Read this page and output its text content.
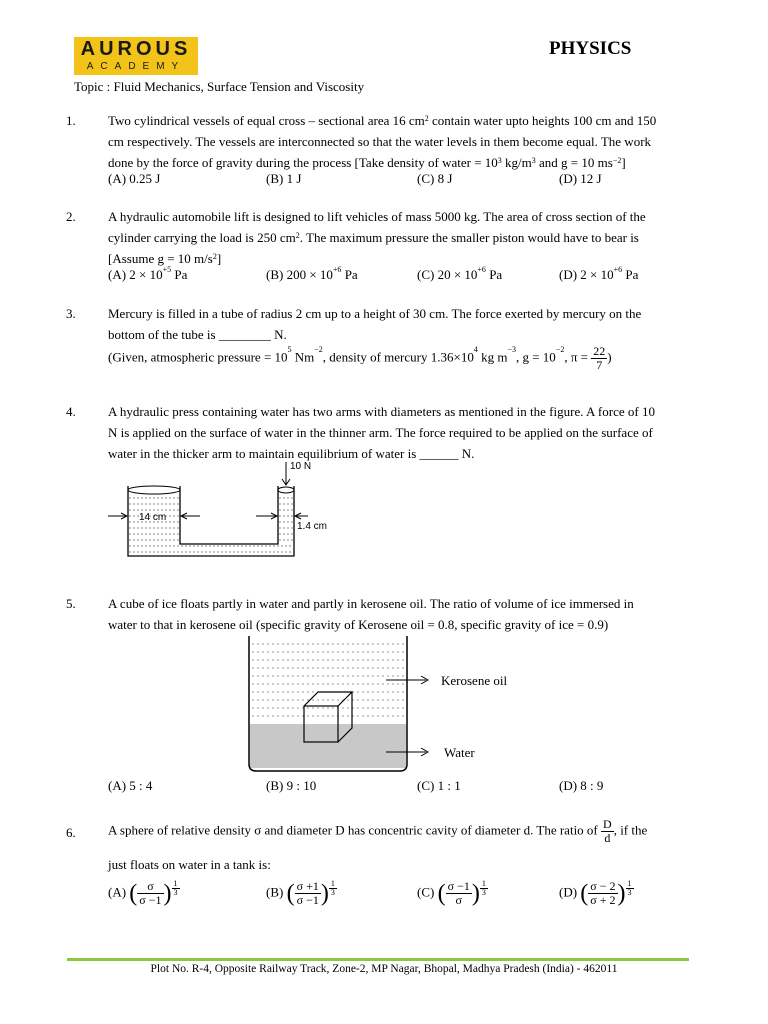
AUROUS
ACADEMY
PHYSICS
Topic : Fluid Mechanics, Surface Tension and Viscosity
1. Two cylindrical vessels of equal cross – sectional area 16 $cm^2$ contain water upto heights 100 cm and 150
cm respectively. The vessels are interconnected so that the water levels in them become equal. The work
done by the force of gravity during the process [Take density of water = $10^3$ $kg/m^3$ and g = 10 $ms^{-2}$]
(A) 0.25 J	(B) 1 J	(C) 8 J	(D) 12 J
2. A hydraulic automobile lift is designed to lift vehicles of mass 5000 kg. The area of cross section of the
cylinder carrying the load is 250 $cm^2$. The maximum pressure the smaller piston would have to bear is
[Assume g = 10 $m/s^2$]
(A) $2 \times 10^{+5}$ Pa	(B) $200 \times 10^{+6}$ Pa	(C) $20 \times 10^{+6}$ Pa	(D) $2 \times 10^{+6}$ Pa
3. Mercury is filled in a tube of radius 2 cm up to a height of 30 cm. The force exerted by mercury on the
bottom of the tube is ________ N.
(Given, atmospheric pressure = $10^5$ $Nm^{-2}$, density of mercury $1.36\times 10^4$ kg $m^{-3}$, $g = 10^{-2}$, $\pi = \frac{22}{7}$ )
4. A hydraulic press containing water has two arms with diameters as mentioned in the figure. A force of 10
N is applied on the surface of water in the thinner arm. The force required to be applied on the surface of
water in the thicker arm to maintain equilibrium of water is ______ N.
10 N
14 cm
1.4 cm
5. A cube of ice floats partly in water and partly in kerosene oil. The ratio of volume of ice immersed in
water to that in kerosene oil (specific gravity of Kerosene oil = 0.8, specific gravity of ice = 0.9)
Kerosene oil
Water
(A) 5 : 4	(B) 9 : 10	(C) 1 : 1	(D) 8 : 9
6. A sphere of relative density σ and diameter D has concentric cavity of diameter d. The ratio of $\frac{D}{d}$ , if the
just floats on water in a tank is:
(A) ( $\frac{\sigma}{\sigma -1}$ ) $\frac{1}{3}$	(B) ( $\frac{\sigma +1}{\sigma -1}$ ) $\frac{1}{3}$	(C) ( $\frac{\sigma -1}{\sigma}$ ) $\frac{1}{3}$	(D) ( $\frac{\sigma - 2}{\sigma + 2}$ ) $\frac{1}{3}$
Plot No. R-4, Opposite Railway Track, Zone-2, MP Nagar, Bhopal, Madhya Pradesh (India) - 462011
